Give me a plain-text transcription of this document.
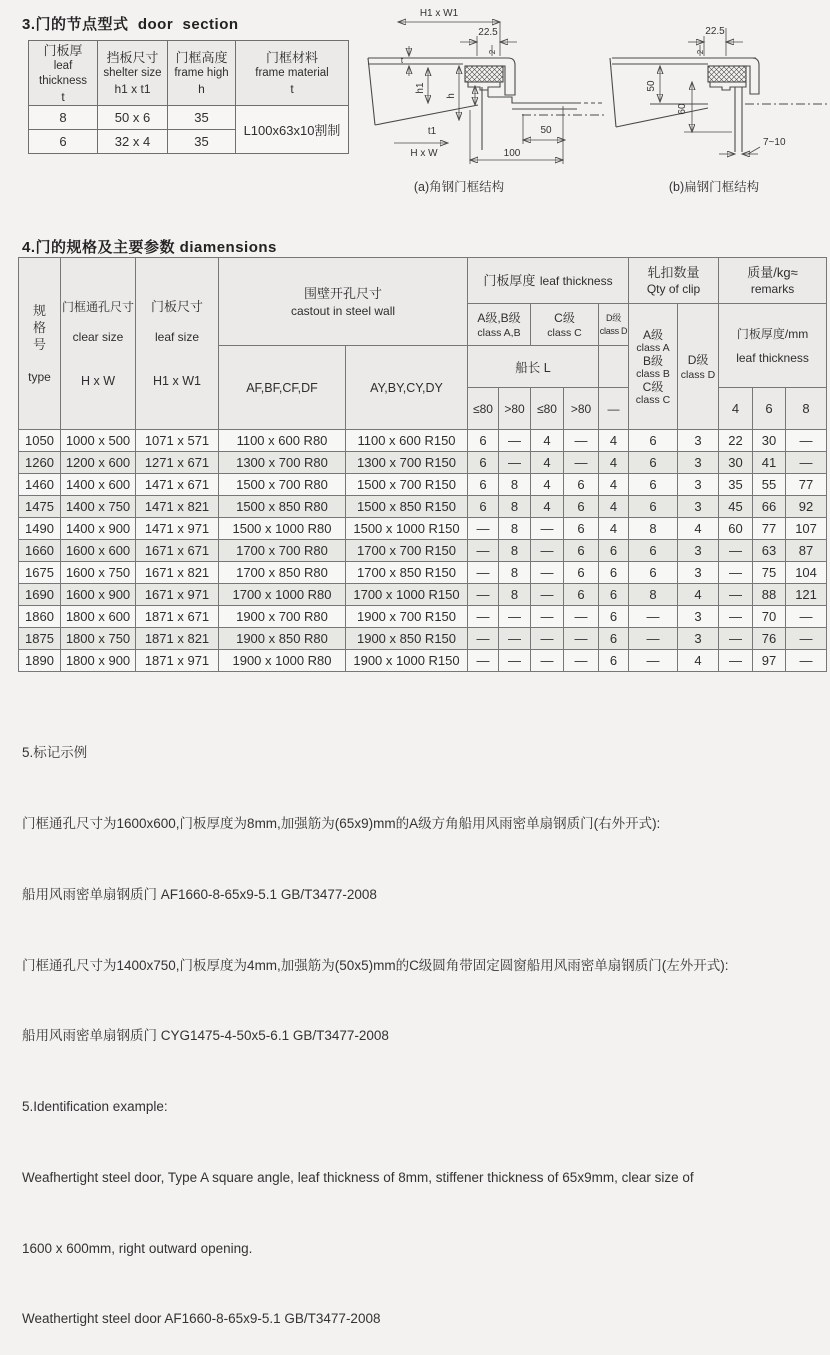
3.门的节点型式  door  section
门板厚
leaf thickness
t	挡板尺寸
shelter size
h1 x t1	门框高度
frame high
h	门框材料
frame material
t

8	50 x 6	35	L100x63x10割制
6	32 x 4	35	
H1 x W1
22.5
2
t
h1
h
t1
H x W
50
100
(a)角钢门框结构
22.5
2
50
60
7~10
(b)扁钢门框结构
4.门的规格及主要参数 diamensions
规
格
号
type	门框通孔尺寸
clear size
H x W	门板尺寸
leaf size
H1 x W1	围壁开孔尺寸
castout in steel wall		门板厚度 leaf thickness					轧扣数量
Qty of clip		质量/kg≈
remarks		

A级,B级
class A,B

C级
class C

D级
class D	A级
class A
B级
class B
C级
class C

D级
class D

门板厚度/mm
leaf thickness

			AF,BF,CF,DF	AY,BY,CY,DY	船长 L									
					≤80	>80	≤80	>80	—			4	6	8
1050	1000 x 500	1071 x 571	1100 x 600 R80	1100 x 600 R150	6	—	4	—	4	6	3	22	30	—
1260	1200 x 600	1271 x 671	1300 x 700 R80	1300 x 700 R150	6	—	4	—	4	6	3	30	41	—
1460	1400 x 600	1471 x 671	1500 x 700 R80	1500 x 700 R150	6	8	4	6	4	6	3	35	55	77
1475	1400 x 750	1471 x 821	1500 x 850 R80	1500 x 850 R150	6	8	4	6	4	6	3	45	66	92
1490	1400 x 900	1471 x 971	1500 x 1000 R80	1500 x 1000 R150	—	8	—	6	4	8	4	60	77	107
1660	1600 x 600	1671 x 671	1700 x 700 R80	1700 x 700 R150	—	8	—	6	6	6	3	—	63	87
1675	1600 x 750	1671 x 821	1700 x 850 R80	1700 x 850 R150	—	8	—	6	6	6	3	—	75	104
1690	1600 x 900	1671 x 971	1700 x 1000 R80	1700 x 1000 R150	—	8	—	6	6	8	4	—	88	121
1860	1800 x 600	1871 x 671	1900 x 700 R80	1900 x 700 R150	—	—	—	—	6	—	3	—	70	—
1875	1800 x 750	1871 x 821	1900 x 850 R80	1900 x 850 R150	—	—	—	—	6	—	3	—	76	—
1890	1800 x 900	1871 x 971	1900 x 1000 R80	1900 x 1000 R150	—	—	—	—	6	—	4	—	97	—

5.标记示例

门框通孔尺寸为1600x600,门板厚度为8mm,加强筋为(65x9)mm的A级方角船用风雨密单扇钢质门(右外开式):

船用风雨密单扇钢质门 AF1660-8-65x9-5.1 GB/T3477-2008

门框通孔尺寸为1400x750,门板厚度为4mm,加强筋为(50x5)mm的C级圆角带固定圆窗船用风雨密单扇钢质门(左外开式):

船用风雨密单扇钢质门 CYG1475-4-50x5-6.1 GB/T3477-2008

5.Identification example:

Weafhertight steel door, Type A square angle, leaf thickness of 8mm, stiffener thickness of 65x9mm, clear size of

1600 x 600mm, right outward opening.

Weathertight steel door AF1660-8-65x9-5.1 GB/T3477-2008
